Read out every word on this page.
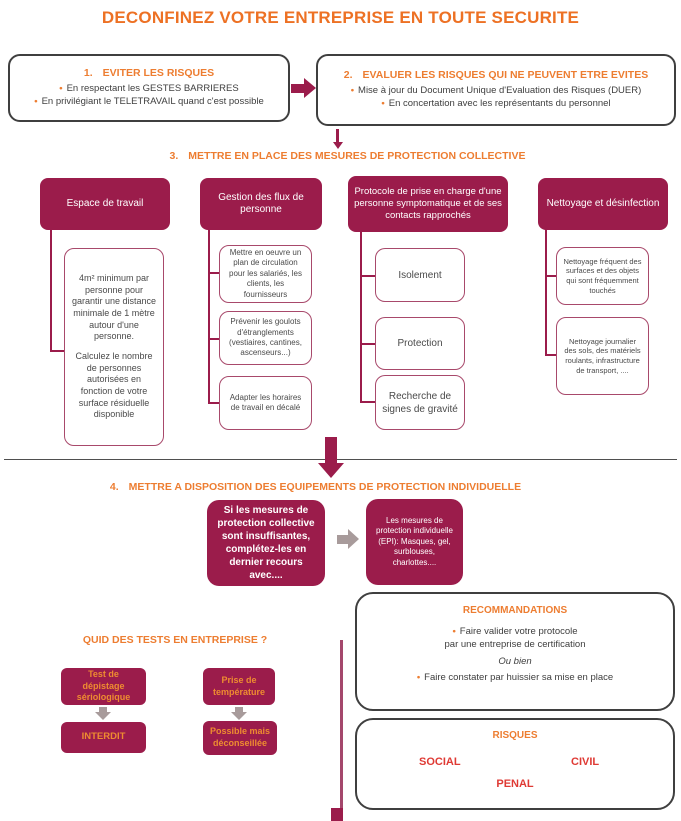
DECONFINEZ VOTRE ENTREPRISE EN TOUTE SECURITE
1. EVITER LES RISQUES
• En respectant les GESTES BARRIERES
• En privilégiant le TELETRAVAIL quand c'est possible
2. EVALUER LES RISQUES QUI NE PEUVENT ETRE EVITES
• Mise à jour du Document Unique d'Evaluation des Risques (DUER)
• En concertation avec les représentants du personnel
3. METTRE EN PLACE DES MESURES DE PROTECTION COLLECTIVE
Espace de travail
Gestion des flux de personne
Protocole de prise en charge d'une personne symptomatique et de ses contacts rapprochés
Nettoyage et désinfection

4m² minimum par personne pour garantir une distance minimale de 1 mètre autour d'une personne.

Calculez le nombre de personnes autorisées en fonction de votre surface résiduelle disponible

Mettre en oeuvre un plan de circulation pour les salariés, les clients, les fournisseurs
Prévenir les goulots d'étranglements (vestiaires, cantines, ascenseurs...)
Adapter les horaires de travail en décalé
Isolement
Protection
Recherche de signes de gravité
Nettoyage fréquent des surfaces et des objets qui sont fréquemment touchés
Nettoyage journalier des sols, des matériels roulants, infrastructure de transport, ....
4. METTRE A DISPOSITION DES EQUIPEMENTS DE PROTECTION INDIVIDUELLE
Si les mesures de protection collective sont insuffisantes, complétez-les en dernier recours avec....
Les mesures de protection individuelle (EPI): Masques, gel, surblouses, charlottes....
RECOMMANDATIONS
• Faire valider votre protocole
par une entreprise de certification
Ou bien
• Faire constater par huissier sa mise en place
QUID DES TESTS EN ENTREPRISE ?
Test de dépistage sériologique
INTERDIT
Prise de température
Possible mais déconseillée
RISQUES
SOCIAL	CIVIL
PENAL
